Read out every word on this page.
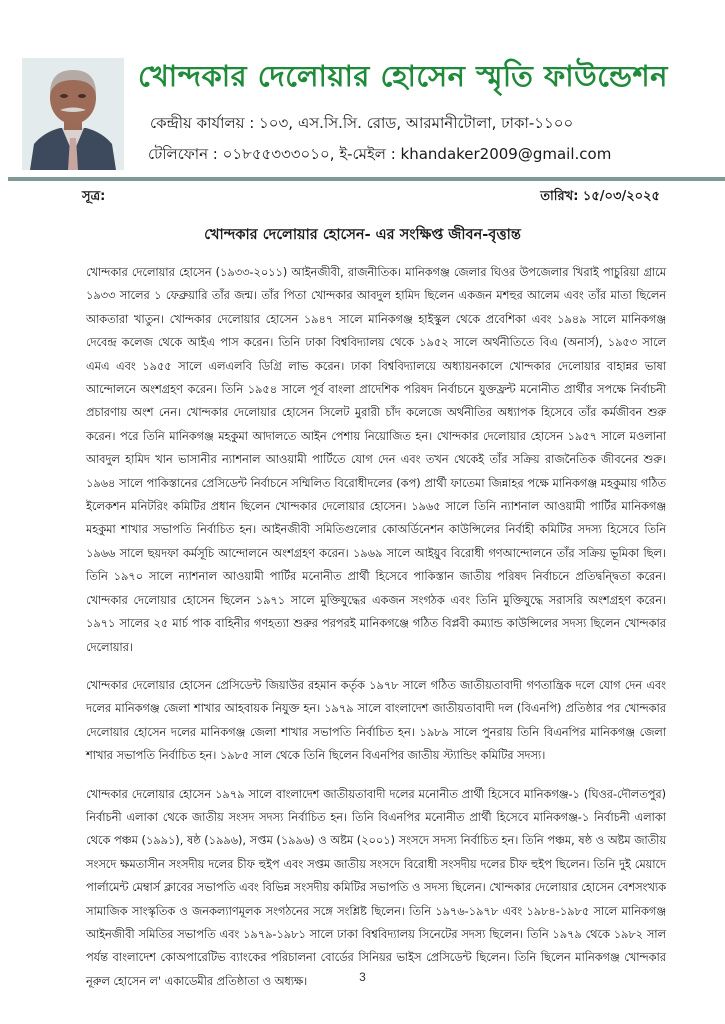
খোন্দকার দেলোয়ার হোসেন স্মৃতি ফাউন্ডেশন
কেন্দ্রীয় কার্যালয় : ১০৩, এস.সি.সি. রোড, আরমানীটোলা, ঢাকা-১১০০
টেলিফোন : ০১৮৫৫৩৩৩০১০, ই-মেইল : khandaker2009@gmail.com
সূত্র:	তারিখ: ১৫/০৩/২০২৫
খোন্দকার দেলোয়ার হোসেন- এর সংক্ষিপ্ত জীবন-বৃত্তান্ত

খোন্দকার দেলোয়ার হোসেন (১৯৩৩-২০১১) আইনজীবী, রাজনীতিক। মানিকগঞ্জ জেলার ঘিওর উপজেলার খিরাই পাচুরিয়া গ্রামে ১৯৩৩ সালের ১ ফেব্রুয়ারি তাঁর জন্ম। তাঁর পিতা খোন্দকার আবদুল হামিদ ছিলেন একজন মশহুর আলেম এবং তাঁর মাতা ছিলেন আকতারা খাতুন। খোন্দকার দেলোয়ার হোসেন ১৯৪৭ সালে মানিকগঞ্জ হাইস্কুল থেকে প্রবেশিকা এবং ১৯৪৯ সালে মানিকগঞ্জ দেবেন্দ্র কলেজ থেকে আইএ পাস করেন। তিনি ঢাকা বিশ্ববিদ্যালয় থেকে ১৯৫২ সালে অর্থনীতিতে বিএ (অনার্স), ১৯৫৩ সালে এমএ এবং ১৯৫৫ সালে এলএলবি ডিগ্রি লাভ করেন। ঢাকা বিশ্ববিদ্যালয়ে অধ্যায়নকালে খোন্দকার দেলোয়ার বাহান্নর ভাষা আন্দোলনে অংশগ্রহণ করেন। তিনি ১৯৫৪ সালে পূর্ব বাংলা প্রাদেশিক পরিষদ নির্বাচনে যুক্তফ্রন্ট মনোনীত প্রার্থীর সপক্ষে নির্বাচনী প্রচারণায় অংশ নেন। খোন্দকার দেলোয়ার হোসেন সিলেট মুরারী চাঁদ কলেজে অর্থনীতির অধ্যাপক হিসেবে তাঁর কর্মজীবন শুরু করেন। পরে তিনি মানিকগঞ্জ মহকুমা আদালতে আইন পেশায় নিয়োজিত হন। খোন্দকার দেলোয়ার হোসেন ১৯৫৭ সালে মওলানা আবদুল হামিদ খান ভাসানীর ন্যাশনাল আওয়ামী পার্টিতে যোগ দেন এবং তখন থেকেই তাঁর সক্রিয় রাজনৈতিক জীবনের শুরু। ১৯৬৪ সালে পাকিস্তানের প্রেসিডেন্ট নির্বাচনে সম্মিলিত বিরোধীদলের (কপ) প্রার্থী ফাতেমা জিন্নাহর পক্ষে মানিকগঞ্জ মহকুমায় গঠিত ইলেকশন মনিটরিং কমিটির প্রধান ছিলেন খোন্দকার দেলোয়ার হোসেন। ১৯৬৫ সালে তিনি ন্যাশনাল আওয়ামী পার্টির মানিকগঞ্জ মহকুমা শাখার সভাপতি নির্বাচিত হন। আইনজীবী সমিতিগুলোর কোঅর্ডিনেশন কাউন্সিলের নির্বাহী কমিটির সদস্য হিসেবে তিনি ১৯৬৬ সালে ছয়দফা কর্মসূচি আন্দোলনে অংশগ্রহণ করেন। ১৯৬৯ সালে আইয়ুব বিরোধী গণআন্দোলনে তাঁর সক্রিয় ভূমিকা ছিল। তিনি ১৯৭০ সালে ন্যাশনাল আওয়ামী পার্টির মনোনীত প্রার্থী হিসেবে পাকিস্তান জাতীয় পরিষদ নির্বাচনে প্রতিদ্বন্দ্বিতা করেন। খোন্দকার দেলোয়ার হোসেন ছিলেন ১৯৭১ সালে মুক্তিযুদ্ধের একজন সংগঠক এবং তিনি মুক্তিযুদ্ধে সরাসরি অংশগ্রহণ করেন। ১৯৭১ সালের ২৫ মার্চ পাক বাহিনীর গণহত্যা শুরুর পরপরই মানিকগঞ্জে গঠিত বিপ্লবী কম্যান্ড কাউন্সিলের সদস্য ছিলেন খোন্দকার দেলোয়ার।

খোন্দকার দেলোয়ার হোসেন প্রেসিডেন্ট জিয়াউর রহমান কর্তৃক ১৯৭৮ সালে গঠিত জাতীয়তাবাদী গণতান্ত্রিক দলে যোগ দেন এবং দলের মানিকগঞ্জ জেলা শাখার আহবায়ক নিযুক্ত হন। ১৯৭৯ সালে বাংলাদেশ জাতীয়তাবাদী দল (বিএনপি) প্রতিষ্ঠার পর খোন্দকার দেলোয়ার হোসেন দলের মানিকগঞ্জ জেলা শাখার সভাপতি নির্বাচিত হন। ১৯৮৯ সালে পুনরায় তিনি বিএনপির মানিকগঞ্জ জেলা শাখার সভাপতি নির্বাচিত হন। ১৯৮৫ সাল থেকে তিনি ছিলেন বিএনপির জাতীয় স্ট্যান্ডিং কমিটির সদস্য।

খোন্দকার দেলোয়ার হোসেন ১৯৭৯ সালে বাংলাদেশ জাতীয়তাবাদী দলের মনোনীত প্রার্থী হিসেবে মানিকগঞ্জ-১ (ঘিওর-দৌলতপুর) নির্বাচনী এলাকা থেকে জাতীয় সংসদ সদস্য নির্বাচিত হন। তিনি বিএনপির মনোনীত প্রার্থী হিসেবে মানিকগঞ্জ-১ নির্বাচনী এলাকা থেকে পঞ্চম (১৯৯১), ষষ্ঠ (১৯৯৬), সপ্তম (১৯৯৬) ও অষ্টম (২০০১) সংসদে সদস্য নির্বাচিত হন। তিনি পঞ্চম, ষষ্ঠ ও অষ্টম জাতীয় সংসদে ক্ষমতাসীন সংসদীয় দলের চীফ হুইপ এবং সপ্তম জাতীয় সংসদে বিরোধী সংসদীয় দলের চীফ হুইপ ছিলেন। তিনি দুই মেয়াদে পার্লামেন্ট মেম্বার্স ক্লাবের সভাপতি এবং বিভিন্ন সংসদীয় কমিটির সভাপতি ও সদস্য ছিলেন। খোন্দকার দেলোয়ার হোসেন বেশসংখ্যক সামাজিক সাংস্কৃতিক ও জনকল্যাণমূলক সংগঠনের সঙ্গে সংশ্লিষ্ট ছিলেন। তিনি ১৯৭৬-১৯৭৮ এবং ১৯৮৪-১৯৮৫ সালে মানিকগঞ্জ আইনজীবী সমিতির সভাপতি এবং ১৯৭৯-১৯৮১ সালে ঢাকা বিশ্ববিদ্যালয় সিনেটের সদস্য ছিলেন। তিনি ১৯৭৯ থেকে ১৯৮২ সাল পর্যন্ত বাংলাদেশ কোঅপারেটিভ ব্যাংকের পরিচালনা বোর্ডের সিনিয়র ভাইস প্রেসিডেন্ট ছিলেন। তিনি ছিলেন মানিকগঞ্জ খোন্দকার নূরুল হোসেন ল' একাডেমীর প্রতিষ্ঠাতা ও অধ্যক্ষ।	3
